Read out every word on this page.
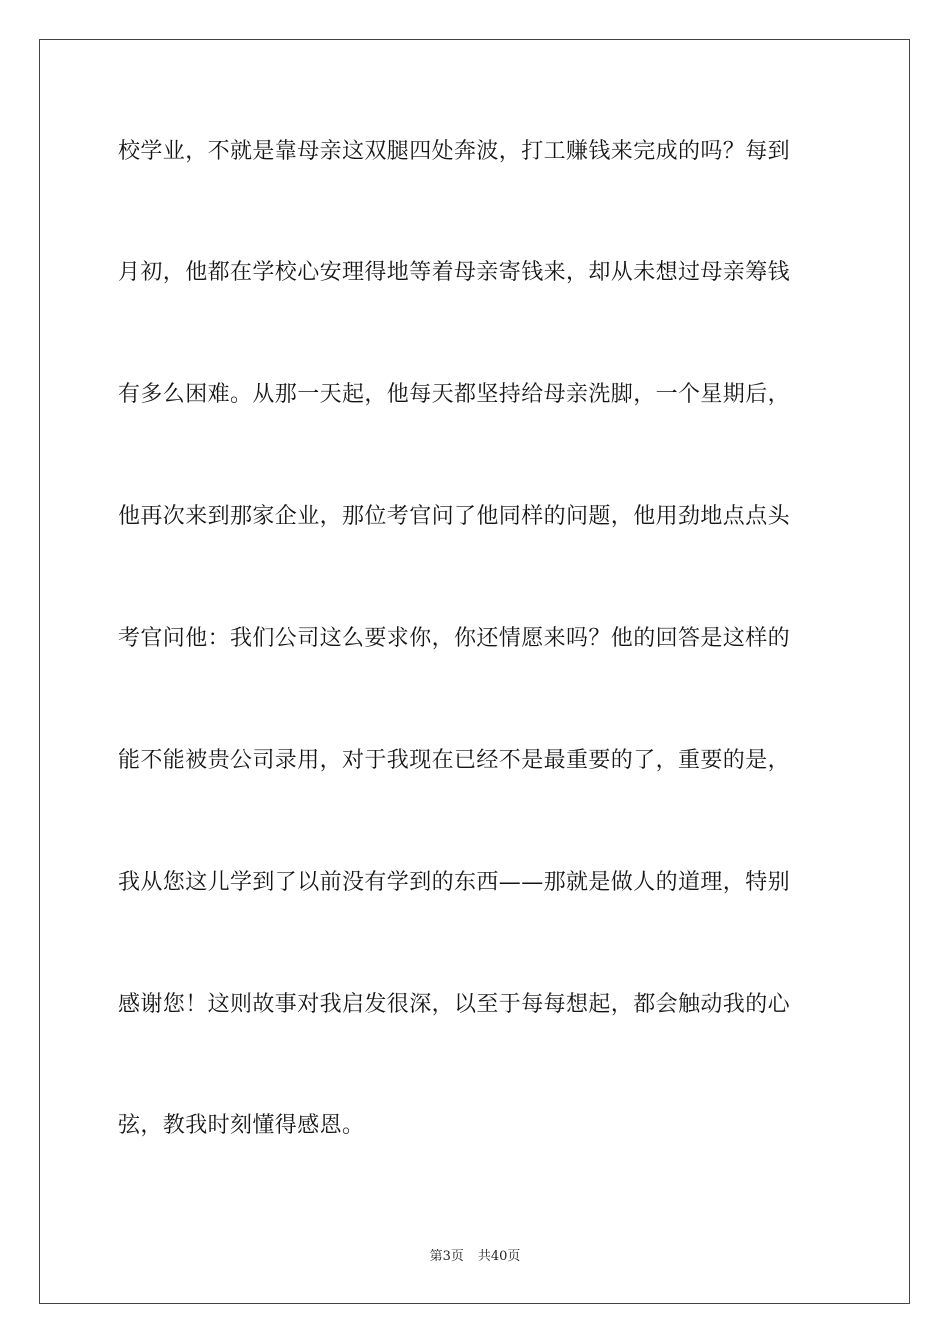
校学业，不就是靠母亲这双腿四处奔波，打工赚钱来完成的吗？每到
月初，他都在学校心安理得地等着母亲寄钱来，却从未想过母亲筹钱
有多么困难。从那一天起，他每天都坚持给母亲洗脚，一个星期后，
他再次来到那家企业，那位考官问了他同样的问题，他用劲地点点头
考官问他：我们公司这么要求你，你还情愿来吗？他的回答是这样的
能不能被贵公司录用，对于我现在已经不是最重要的了，重要的是，
我从您这儿学到了以前没有学到的东西——那就是做人的道理，特别
感谢您！这则故事对我启发很深，以至于每每想起，都会触动我的心
弦，教我时刻懂得感恩。
第3页 共40页
